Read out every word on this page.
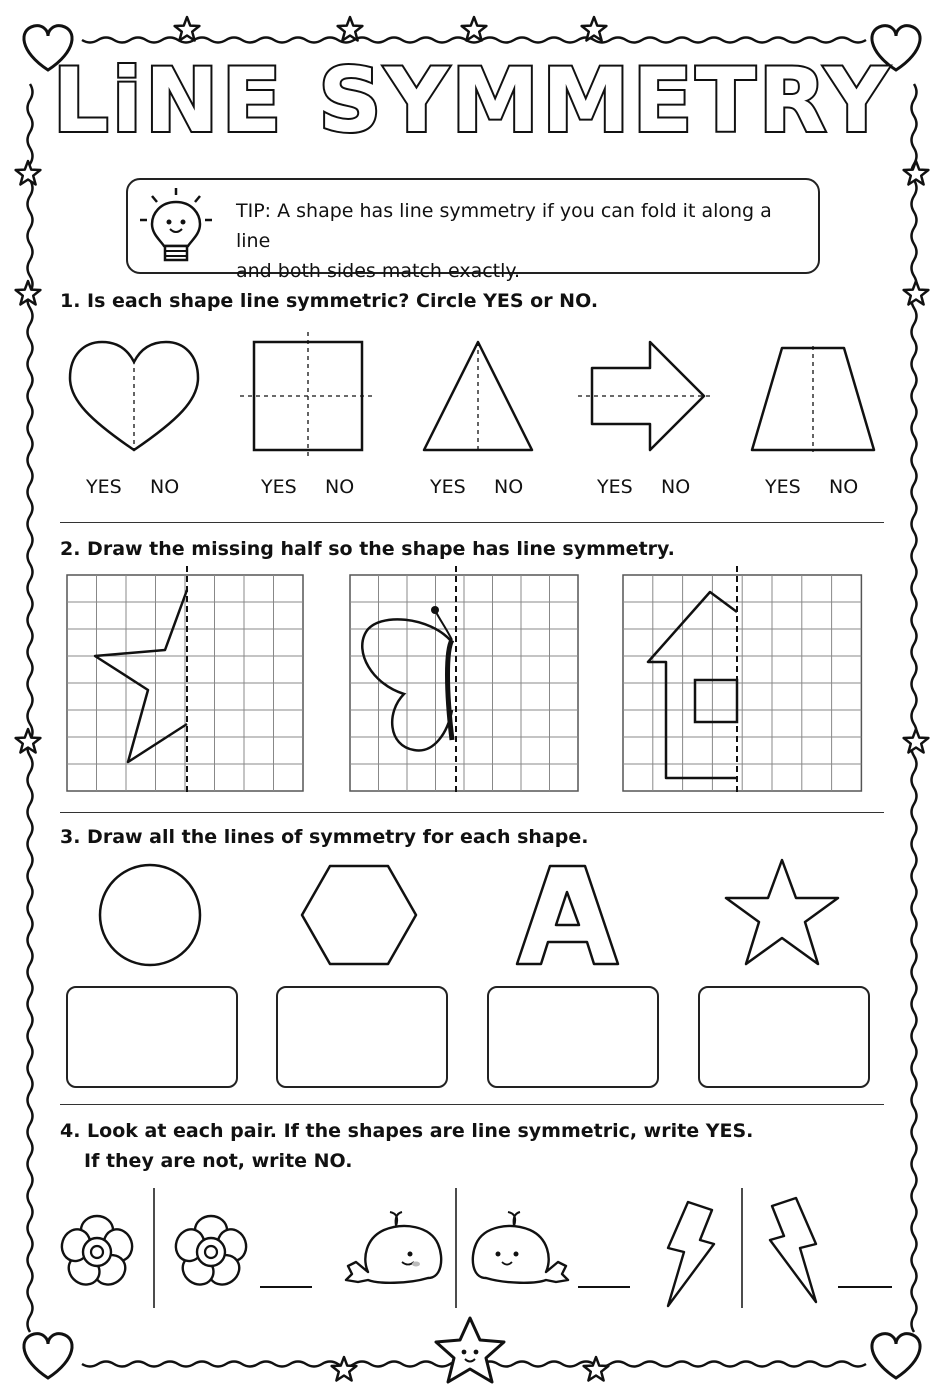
LiNE SYMMETRY
TIP: A shape has line symmetry if you can fold it along a line
and both sides match exactly.
1. Is each shape line symmetric? Circle YES or NO.
YES NO	YES NO	YES NO	YES NO	YES NO
2. Draw the missing half so the shape has line symmetry.
3. Draw all the lines of symmetry for each shape.
4. Look at each pair. If the shapes are line symmetric, write YES.
If they are not, write NO.
